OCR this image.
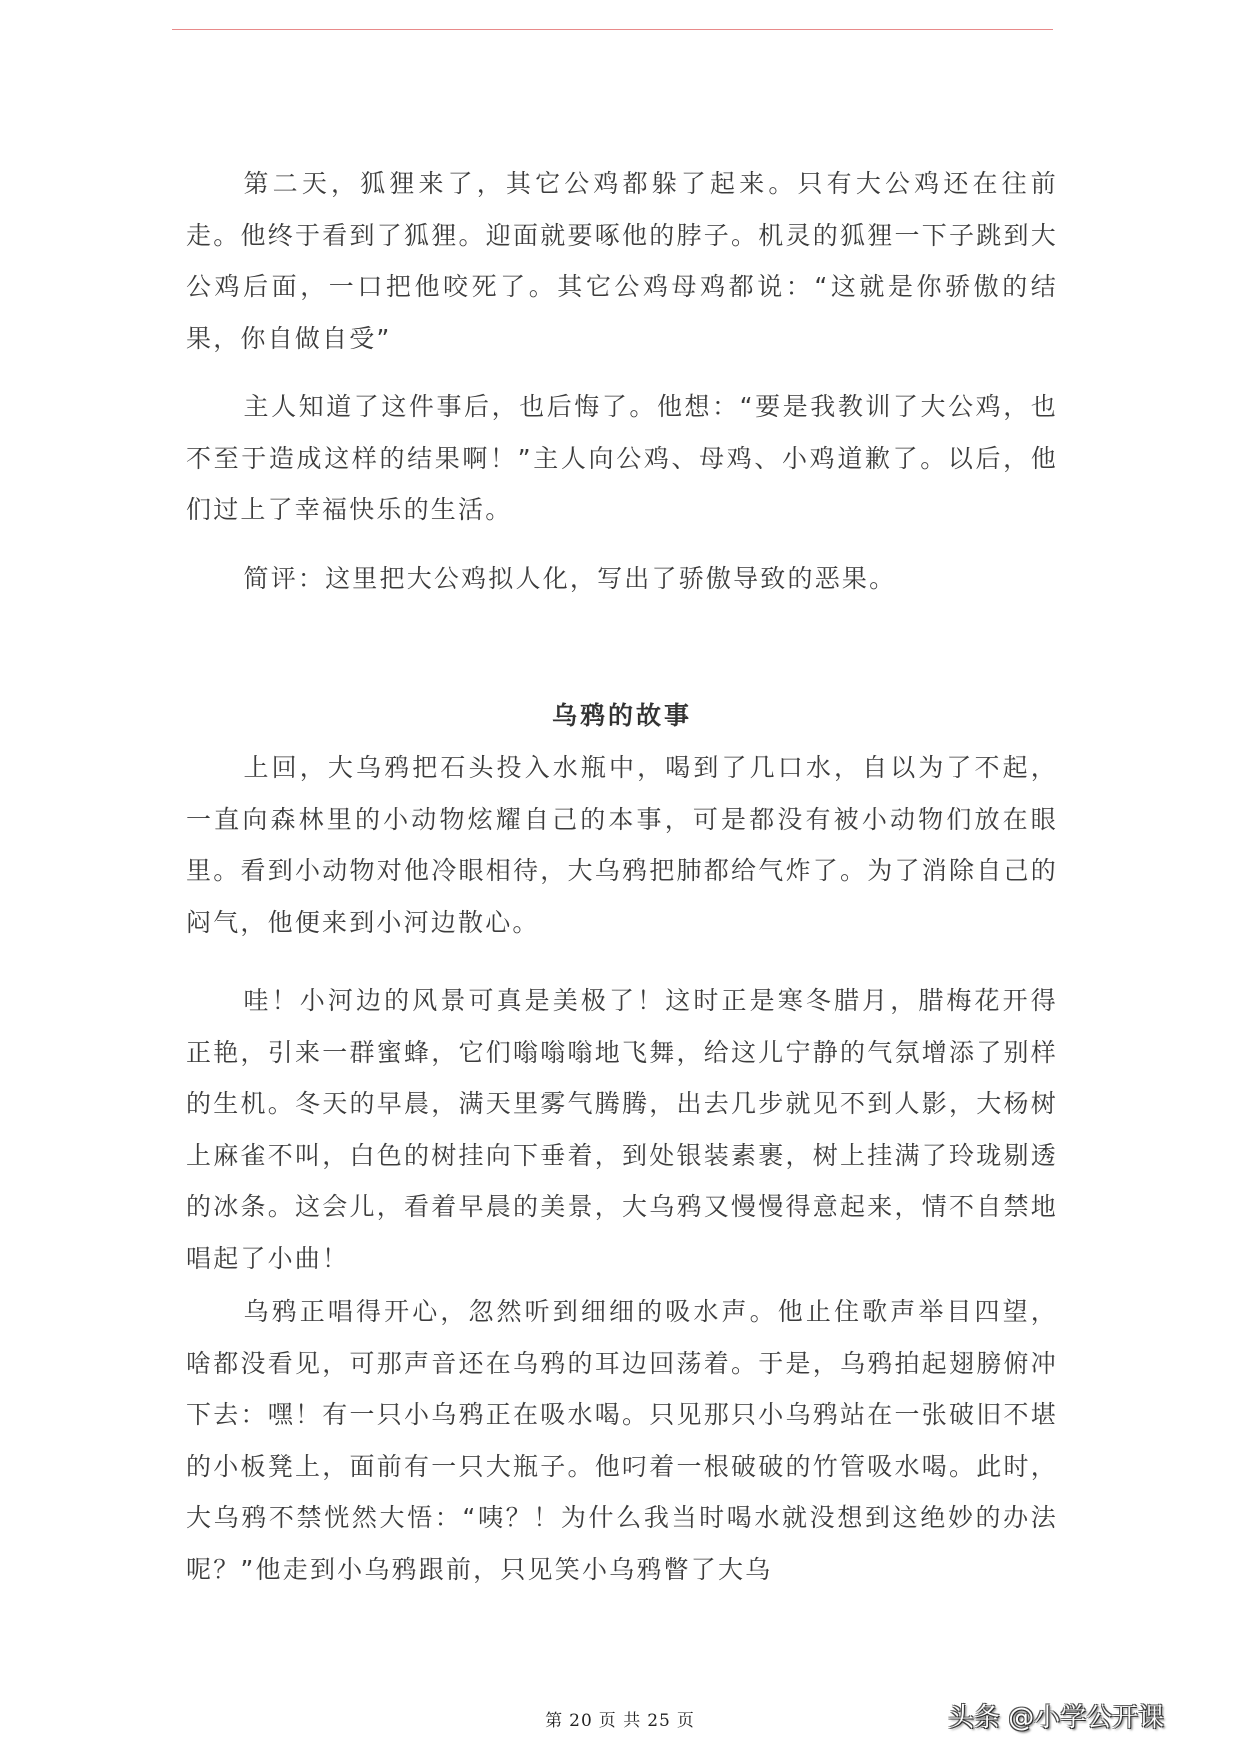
第二天，狐狸来了，其它公鸡都躲了起来。只有大公鸡还在往前走。他终于看到了狐狸。迎面就要啄他的脖子。机灵的狐狸一下子跳到大公鸡后面，一口把他咬死了。其它公鸡母鸡都说：“这就是你骄傲的结果，你自做自受”

主人知道了这件事后，也后悔了。他想：“要是我教训了大公鸡，也不至于造成这样的结果啊！”主人向公鸡、母鸡、小鸡道歉了。以后，他们过上了幸福快乐的生活。

简评：这里把大公鸡拟人化，写出了骄傲导致的恶果。

乌鸦的故事

上回，大乌鸦把石头投入水瓶中，喝到了几口水，自以为了不起，一直向森林里的小动物炫耀自己的本事，可是都没有被小动物们放在眼里。看到小动物对他冷眼相待，大乌鸦把肺都给气炸了。为了消除自己的闷气，他便来到小河边散心。

哇！小河边的风景可真是美极了！这时正是寒冬腊月，腊梅花开得正艳，引来一群蜜蜂，它们嗡嗡嗡地飞舞，给这儿宁静的气氛增添了别样的生机。冬天的早晨，满天里雾气腾腾，出去几步就见不到人影，大杨树上麻雀不叫，白色的树挂向下垂着，到处银装素裹，树上挂满了玲珑剔透的冰条。这会儿，看着早晨的美景，大乌鸦又慢慢得意起来，情不自禁地唱起了小曲！

乌鸦正唱得开心，忽然听到细细的吸水声。他止住歌声举目四望，啥都没看见，可那声音还在乌鸦的耳边回荡着。于是，乌鸦拍起翅膀俯冲下去：嘿！有一只小乌鸦正在吸水喝。只见那只小乌鸦站在一张破旧不堪的小板凳上，面前有一只大瓶子。他叼着一根破破的竹管吸水喝。此时，大乌鸦不禁恍然大悟：“咦？！为什么我当时喝水就没想到这绝妙的办法呢？”他走到小乌鸦跟前，只见笑小乌鸦瞥了大乌

第 20 页 共 25 页	头条 @小学公开课
